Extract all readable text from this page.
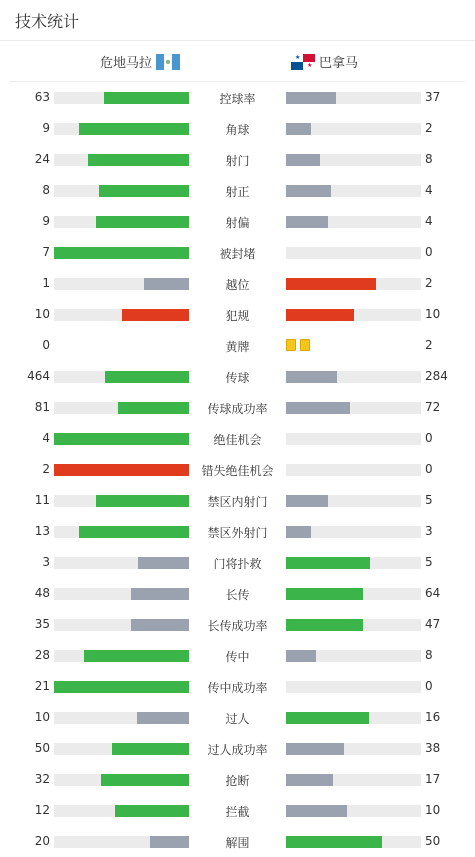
技术统计
危地马拉	★
★ 巴拿马
63	控球率	37
9	角球	2
24	射门	8
8	射正	4
9	射偏	4
7	被封堵	0
1	越位	2
10	犯规	10
0	黄牌	2
464	传球	284
81	传球成功率	72
4	绝佳机会	0
2	错失绝佳机会	0
11	禁区内射门	5
13	禁区外射门	3
3	门将扑救	5
48	长传	64
35	长传成功率	47
28	传中	8
21	传中成功率	0
10	过人	16
50	过人成功率	38
32	抢断	17
12	拦截	10
20	解围	50
